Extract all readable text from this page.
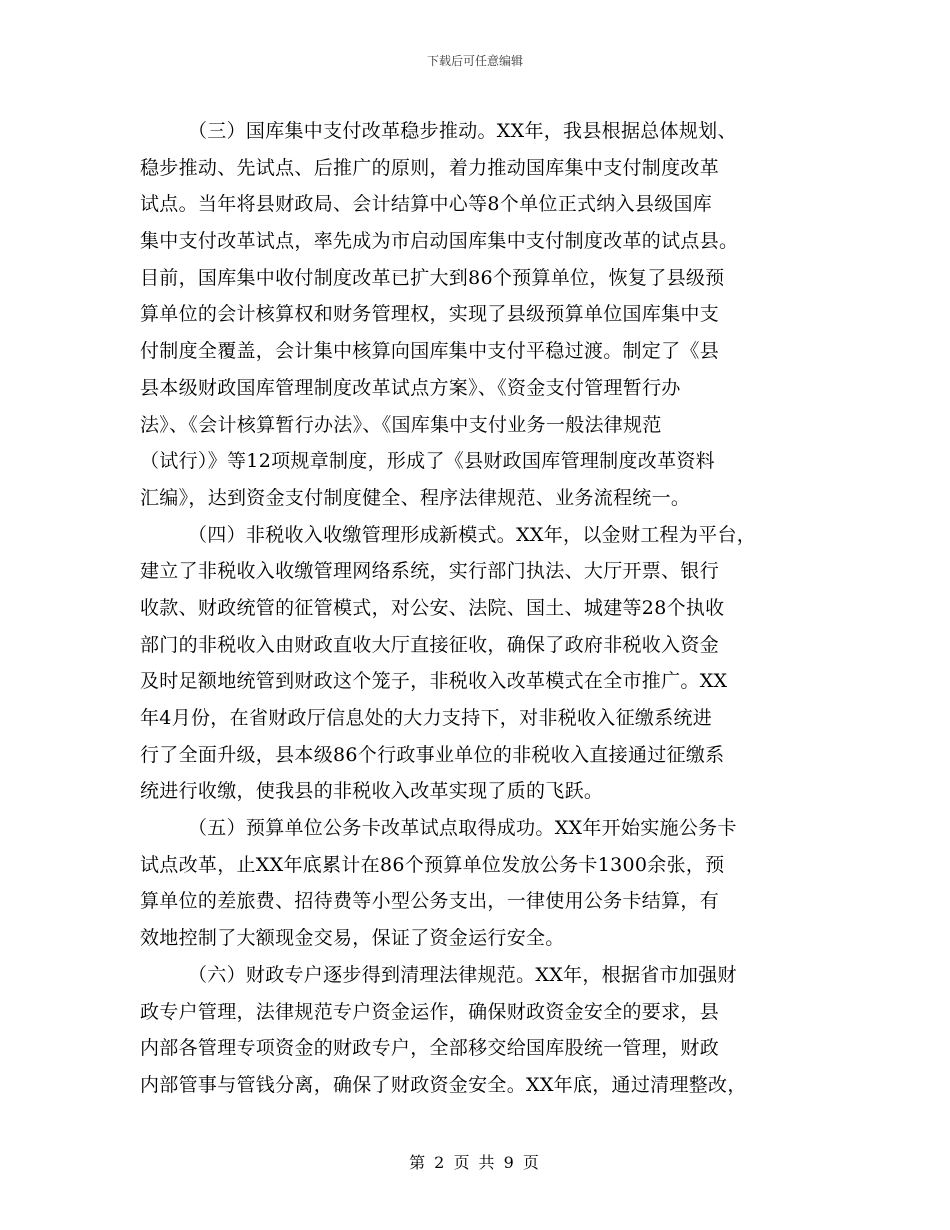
下载后可任意编辑
（三）国库集中支付改革稳步推动。XX年，我县根据总体规划、
稳步推动、先试点、后推广的原则，着力推动国库集中支付制度改革
试点。当年将县财政局、会计结算中心等8个单位正式纳入县级国库
集中支付改革试点，率先成为市启动国库集中支付制度改革的试点县。
目前，国库集中收付制度改革已扩大到86个预算单位，恢复了县级预
算单位的会计核算权和财务管理权，实现了县级预算单位国库集中支
付制度全覆盖，会计集中核算向国库集中支付平稳过渡。制定了《县
县本级财政国库管理制度改革试点方案》、《资金支付管理暂行办
法》、《会计核算暂行办法》、《国库集中支付业务一般法律规范
（试行）》等12项规章制度，形成了《县财政国库管理制度改革资料
汇编》，达到资金支付制度健全、程序法律规范、业务流程统一。
（四）非税收入收缴管理形成新模式。XX年，以金财工程为平台，
建立了非税收入收缴管理网络系统，实行部门执法、大厅开票、银行
收款、财政统管的征管模式，对公安、法院、国土、城建等28个执收
部门的非税收入由财政直收大厅直接征收，确保了政府非税收入资金
及时足额地统管到财政这个笼子，非税收入改革模式在全市推广。XX
年4月份，在省财政厅信息处的大力支持下，对非税收入征缴系统进
行了全面升级，县本级86个行政事业单位的非税收入直接通过征缴系
统进行收缴，使我县的非税收入改革实现了质的飞跃。
（五）预算单位公务卡改革试点取得成功。XX年开始实施公务卡
试点改革，止XX年底累计在86个预算单位发放公务卡1300余张，预
算单位的差旅费、招待费等小型公务支出，一律使用公务卡结算，有
效地控制了大额现金交易，保证了资金运行安全。
（六）财政专户逐步得到清理法律规范。XX年，根据省市加强财
政专户管理，法律规范专户资金运作，确保财政资金安全的要求，县
内部各管理专项资金的财政专户，全部移交给国库股统一管理，财政
内部管事与管钱分离，确保了财政资金安全。XX年底，通过清理整改，
第 2 页 共 9 页
